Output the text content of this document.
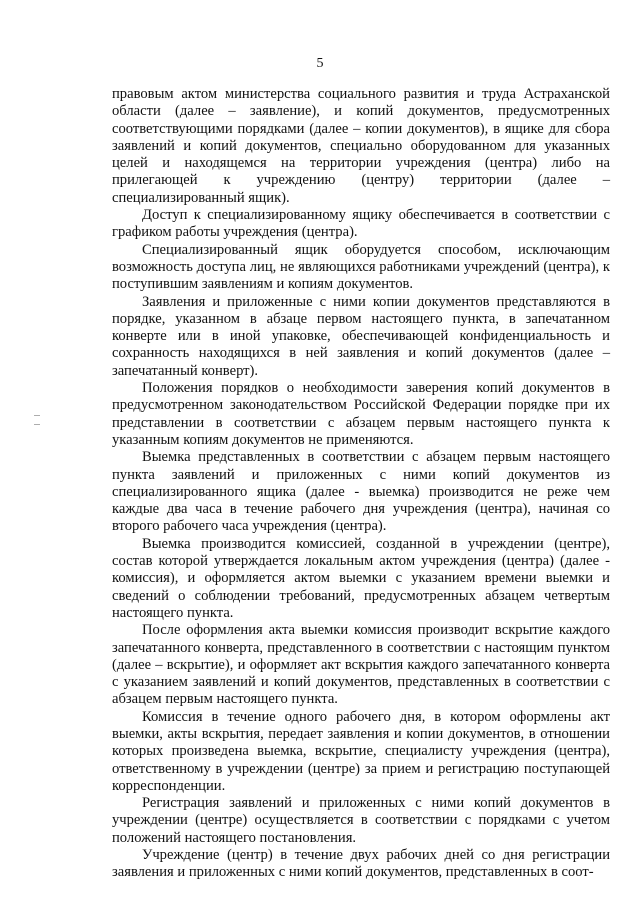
5

правовым актом министерства социального развития и труда Астраханской области (далее – заявление), и копий документов, предусмотренных соответствующими порядками (далее – копии документов), в ящике для сбора заявлений и копий документов, специально оборудованном для указанных целей и находящемся на территории учреждения (центра) либо на прилегающей к учреждению (центру) территории (далее – специализированный ящик).

Доступ к специализированному ящику обеспечивается в соответствии с графиком работы учреждения (центра).

Специализированный ящик оборудуется способом, исключающим возможность доступа лиц, не являющихся работниками учреждений (центра), к поступившим заявлениям и копиям документов.

Заявления и приложенные с ними копии документов представляются в порядке, указанном в абзаце первом настоящего пункта, в запечатанном конверте или в иной упаковке, обеспечивающей конфиденциальность и сохранность находящихся в ней заявления и копий документов (далее – запечатанный конверт).

Положения порядков о необходимости заверения копий документов в предусмотренном законодательством Российской Федерации порядке при их представлении в соответствии с абзацем первым настоящего пункта к указанным копиям документов не применяются.

Выемка представленных в соответствии с абзацем первым настоящего пункта заявлений и приложенных с ними копий документов из специализированного ящика (далее - выемка) производится не реже чем каждые два часа в течение рабочего дня учреждения (центра), начиная со второго рабочего часа учреждения (центра).

Выемка производится комиссией, созданной в учреждении (центре), состав которой утверждается локальным актом учреждения (центра) (далее - комиссия), и оформляется актом выемки с указанием времени выемки и сведений о соблюдении требований, предусмотренных абзацем четвертым настоящего пункта.

После оформления акта выемки комиссия производит вскрытие каждого запечатанного конверта, представленного в соответствии с настоящим пунктом (далее – вскрытие), и оформляет акт вскрытия каждого запечатанного конверта с указанием заявлений и копий документов, представленных в соответствии с абзацем первым настоящего пункта.

Комиссия в течение одного рабочего дня, в котором оформлены акт выемки, акты вскрытия, передает заявления и копии документов, в отношении которых произведена выемка, вскрытие, специалисту учреждения (центра), ответственному в учреждении (центре) за прием и регистрацию поступающей корреспонденции.

Регистрация заявлений и приложенных с ними копий документов в учреждении (центре) осуществляется в соответствии с порядками с учетом положений настоящего постановления.

Учреждение (центр) в течение двух рабочих дней со дня регистрации заявления и приложенных с ними копий документов, представленных в соот-
